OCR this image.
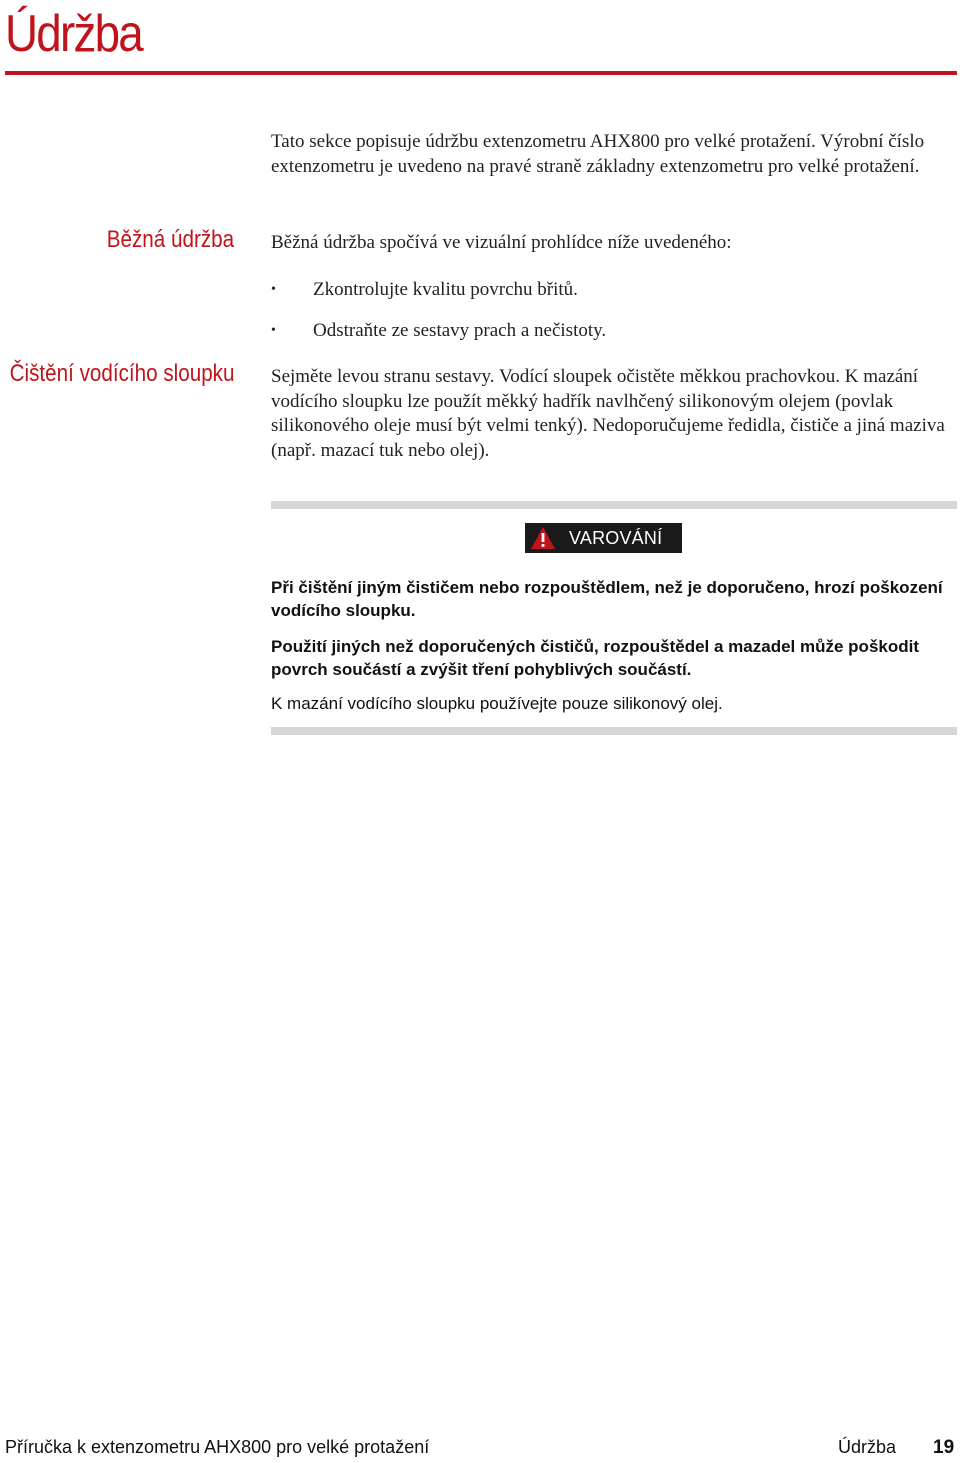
Údržba

Tato sekce popisuje údržbu extenzometru AHX800 pro velké protažení. Výrobní číslo extenzometru je uvedeno na pravé straně základny extenzometru pro velké protažení.

Běžná údržba Běžná údržba spočívá ve vizuální prohlídce níže uvedeného:

• Zkontrolujte kvalitu povrchu břitů.
• Odstraňte ze sestavy prach a nečistoty.
Čištění vodícího sloupku Sejměte levou stranu sestavy. Vodící sloupek očistěte měkkou prachovkou. K mazání vodícího sloupku lze použít měkký hadřík navlhčený silikonovým olejem (povlak silikonového oleje musí být velmi tenký). Nedoporučujeme ředidla, čističe a jiná maziva (např. mazací tuk nebo olej).

VAROVÁNÍ

Při čištění jiným čističem nebo rozpouštědlem, než je doporučeno, hrozí poškození vodícího sloupku.

Použití jiných než doporučených čističů, rozpouštědel a mazadel může poškodit povrch součástí a zvýšit tření pohyblivých součástí.

K mazání vodícího sloupku používejte pouze silikonový olej.

Příručka k extenzometru AHX800 pro velké protažení	Údržba 19
